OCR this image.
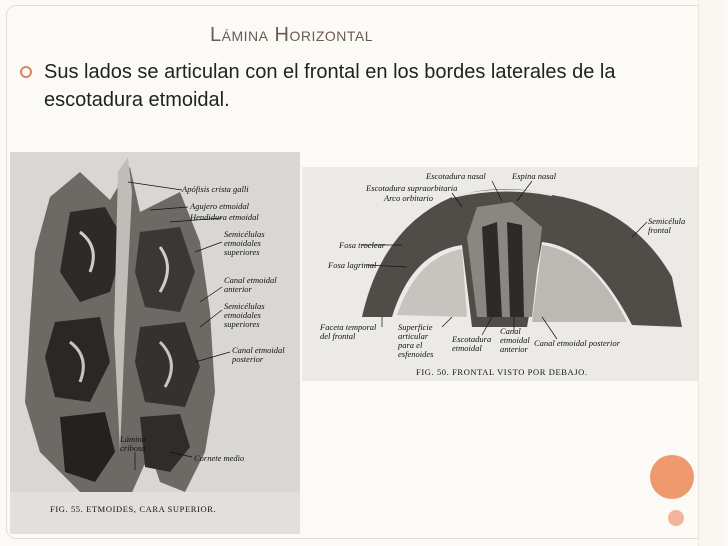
Lámina Horizontal
Sus lados se articulan con el frontal en los bordes laterales de la escotadura etmoidal.
Apófisis crista galli
Agujero etmoidal
Hendidura etmoidal
Semicélulas
etmoidales
superiores
Canal etmoidal
anterior
Semicélulas
etmoidales
superiores
Canal etmoidal
posterior
Lámina
cribosa
Cornete medio
FIG. 55. ETMOIDES, CARA SUPERIOR.
Escotadura nasal	Espina nasal
Escotadura supraorbitaria
Arco orbitario
Semicélula
frontal
Fosa troclear
Fosa lagrimal
Faceta temporal
del frontal
Superficie
articular
para el
esfenoides
Escotadura
etmoidal
Canal
etmoidal
anterior
Canal etmoidal posterior
FIG. 50. FRONTAL VISTO POR DEBAJO.
